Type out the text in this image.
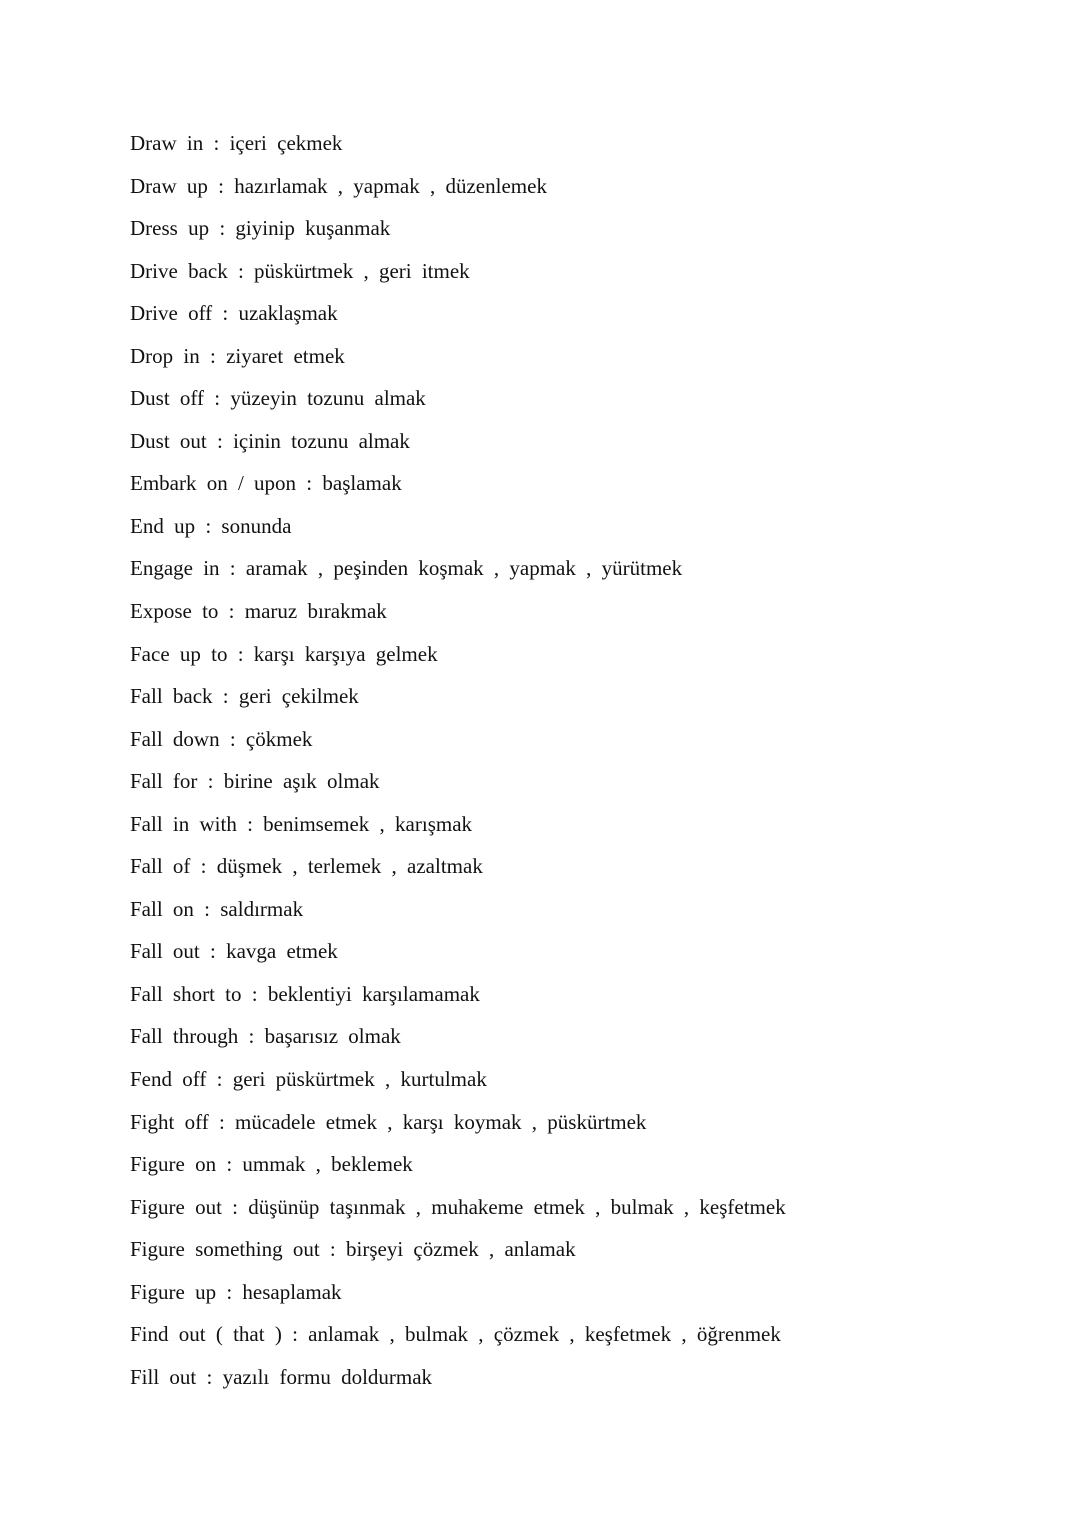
Draw in : içeri çekmek
Draw up : hazırlamak , yapmak , düzenlemek
Dress up : giyinip kuşanmak
Drive back : püskürtmek , geri itmek
Drive off : uzaklaşmak
Drop in : ziyaret etmek
Dust off : yüzeyin tozunu almak
Dust out : içinin tozunu almak
Embark on / upon : başlamak
End up : sonunda
Engage in : aramak , peşinden koşmak , yapmak , yürütmek
Expose to : maruz bırakmak
Face up to : karşı karşıya gelmek
Fall back : geri çekilmek
Fall down : çökmek
Fall for : birine aşık olmak
Fall in with : benimsemek , karışmak
Fall of : düşmek , terlemek , azaltmak
Fall on : saldırmak
Fall out : kavga etmek
Fall short to : beklentiyi karşılamamak
Fall through : başarısız olmak
Fend off : geri püskürtmek , kurtulmak
Fight off : mücadele etmek , karşı koymak , püskürtmek
Figure on : ummak , beklemek
Figure out : düşünüp taşınmak , muhakeme etmek , bulmak , keşfetmek
Figure something out : birşeyi çözmek , anlamak
Figure up : hesaplamak
Find out ( that ) : anlamak , bulmak , çözmek , keşfetmek , öğrenmek
Fill out : yazılı formu doldurmak
